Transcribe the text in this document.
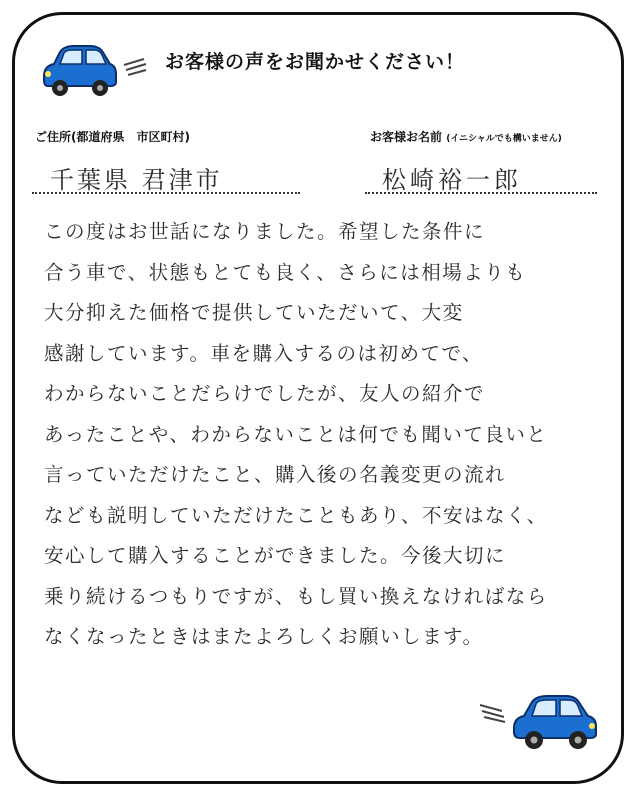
お客様の声をお聞かせください！
ご住所(都道府県　市区町村)	お客様お名前 (イニシャルでも構いません)
千葉県 君津市	松崎裕一郎
この度はお世話になりました。希望した条件に
合う車で、状態もとても良く、さらには相場よりも
大分抑えた価格で提供していただいて、大変
感謝しています。車を購入するのは初めてで、
わからないことだらけでしたが、友人の紹介で
あったことや、わからないことは何でも聞いて良いと
言っていただけたこと、購入後の名義変更の流れ
なども説明していただけたこともあり、不安はなく、
安心して購入することができました。今後大切に
乗り続けるつもりですが、もし買い換えなければなら
なくなったときはまたよろしくお願いします。
